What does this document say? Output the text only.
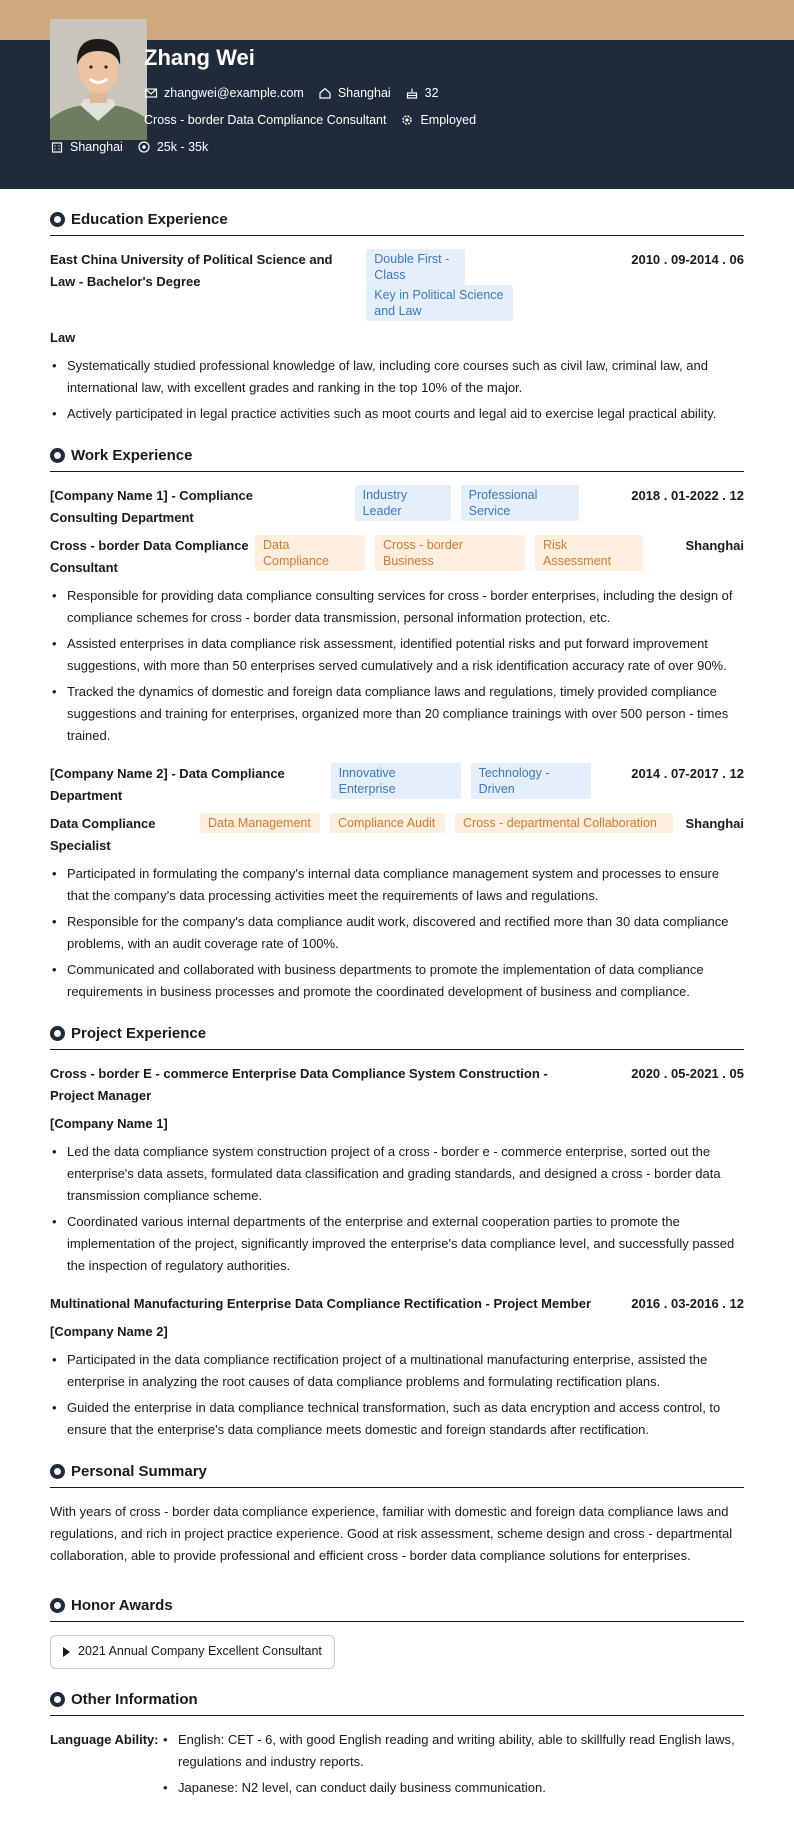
Zhang Wei
zhangwei@example.com	Shanghai	32
Cross - border Data Compliance Consultant	Employed
Shanghai	25k - 35k
Education Experience
East China University of Political Science and Law - Bachelor's Degree
Double First - Class
Key in Political Science and Law
2010 . 09-2014 . 06
Law
• Systematically studied professional knowledge of law, including core courses such as civil law, criminal law, and international law, with excellent grades and ranking in the top 10% of the major.
• Actively participated in legal practice activities such as moot courts and legal aid to exercise legal practical ability.
Work Experience
[Company Name 1] - Compliance Consulting Department
Industry Leader
Professional Service
2018 . 01-2022 . 12
Cross - border Data Compliance Consultant
Data Compliance
Cross - border Business
Risk Assessment
Shanghai
• Responsible for providing data compliance consulting services for cross - border enterprises, including the design of compliance schemes for cross - border data transmission, personal information protection, etc.
• Assisted enterprises in data compliance risk assessment, identified potential risks and put forward improvement suggestions, with more than 50 enterprises served cumulatively and a risk identification accuracy rate of over 90%.
• Tracked the dynamics of domestic and foreign data compliance laws and regulations, timely provided compliance suggestions and training for enterprises, organized more than 20 compliance trainings with over 500 person - times trained.
[Company Name 2] - Data Compliance Department
Innovative Enterprise
Technology - Driven
2014 . 07-2017 . 12
Data Compliance Specialist
Data Management	Compliance Audit	Cross - departmental Collaboration	Shanghai
• Participated in formulating the company's internal data compliance management system and processes to ensure that the company's data processing activities meet the requirements of laws and regulations.
• Responsible for the company's data compliance audit work, discovered and rectified more than 30 data compliance problems, with an audit coverage rate of 100%.
• Communicated and collaborated with business departments to promote the implementation of data compliance requirements in business processes and promote the coordinated development of business and compliance.
Project Experience
Cross - border E - commerce Enterprise Data Compliance System Construction - Project Manager
2020 . 05-2021 . 05
[Company Name 1]
• Led the data compliance system construction project of a cross - border e - commerce enterprise, sorted out the enterprise's data assets, formulated data classification and grading standards, and designed a cross - border data transmission compliance scheme.
• Coordinated various internal departments of the enterprise and external cooperation parties to promote the implementation of the project, significantly improved the enterprise's data compliance level, and successfully passed the inspection of regulatory authorities.
Multinational Manufacturing Enterprise Data Compliance Rectification - Project Member	2016 . 03-2016 . 12
[Company Name 2]
• Participated in the data compliance rectification project of a multinational manufacturing enterprise, assisted the enterprise in analyzing the root causes of data compliance problems and formulating rectification plans.
• Guided the enterprise in data compliance technical transformation, such as data encryption and access control, to ensure that the enterprise's data compliance meets domestic and foreign standards after rectification.
Personal Summary

With years of cross - border data compliance experience, familiar with domestic and foreign data compliance laws and regulations, and rich in project practice experience. Good at risk assessment, scheme design and cross - departmental collaboration, able to provide professional and efficient cross - border data compliance solutions for enterprises.

Honor Awards
2021 Annual Company Excellent Consultant
Other Information
Language Ability:
•	English: CET - 6, with good English reading and writing ability, able to skillfully read English laws, regulations and industry reports.
• Japanese: N2 level, can conduct daily business communication.
